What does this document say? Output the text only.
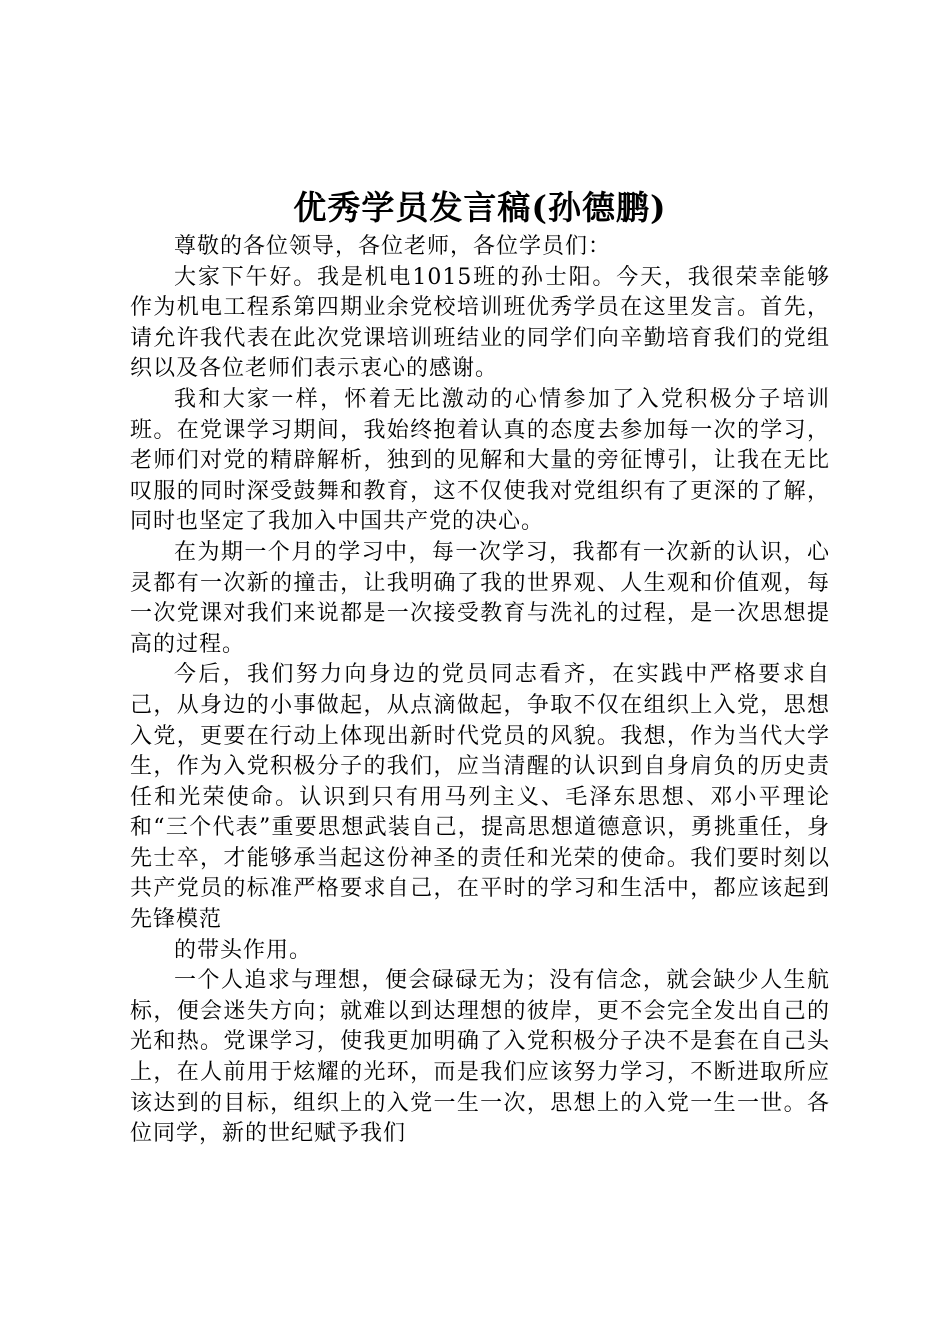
优秀学员发言稿(孙德鹏)

尊敬的各位领导，各位老师，各位学员们：

大家下午好。我是机电1015班的孙士阳。今天，我很荣幸能够作为机电工程系第四期业余党校培训班优秀学员在这里发言。首先，请允许我代表在此次党课培训班结业的同学们向辛勤培育我们的党组织以及各位老师们表示衷心的感谢。

我和大家一样，怀着无比激动的心情参加了入党积极分子培训班。在党课学习期间，我始终抱着认真的态度去参加每一次的学习，老师们对党的精辟解析，独到的见解和大量的旁征博引，让我在无比叹服的同时深受鼓舞和教育，这不仅使我对党组织有了更深的了解，同时也坚定了我加入中国共产党的决心。

在为期一个月的学习中，每一次学习，我都有一次新的认识，心灵都有一次新的撞击，让我明确了我的世界观、人生观和价值观，每一次党课对我们来说都是一次接受教育与洗礼的过程，是一次思想提高的过程。

今后，我们努力向身边的党员同志看齐，在实践中严格要求自己，从身边的小事做起，从点滴做起，争取不仅在组织上入党，思想入党，更要在行动上体现出新时代党员的风貌。我想，作为当代大学生，作为入党积极分子的我们，应当清醒的认识到自身肩负的历史责任和光荣使命。认识到只有用马列主义、毛泽东思想、邓小平理论和“三个代表”重要思想武装自己，提高思想道德意识，勇挑重任，身先士卒，才能够承当起这份神圣的责任和光荣的使命。我们要时刻以共产党员的标准严格要求自己，在平时的学习和生活中，都应该起到先锋模范

的带头作用。

一个人追求与理想，便会碌碌无为；没有信念，就会缺少人生航标，便会迷失方向；就难以到达理想的彼岸，更不会完全发出自己的光和热。党课学习，使我更加明确了入党积极分子决不是套在自己头上，在人前用于炫耀的光环，而是我们应该努力学习，不断进取所应该达到的目标，组织上的入党一生一次，思想上的入党一生一世。各位同学，新的世纪赋予我们
